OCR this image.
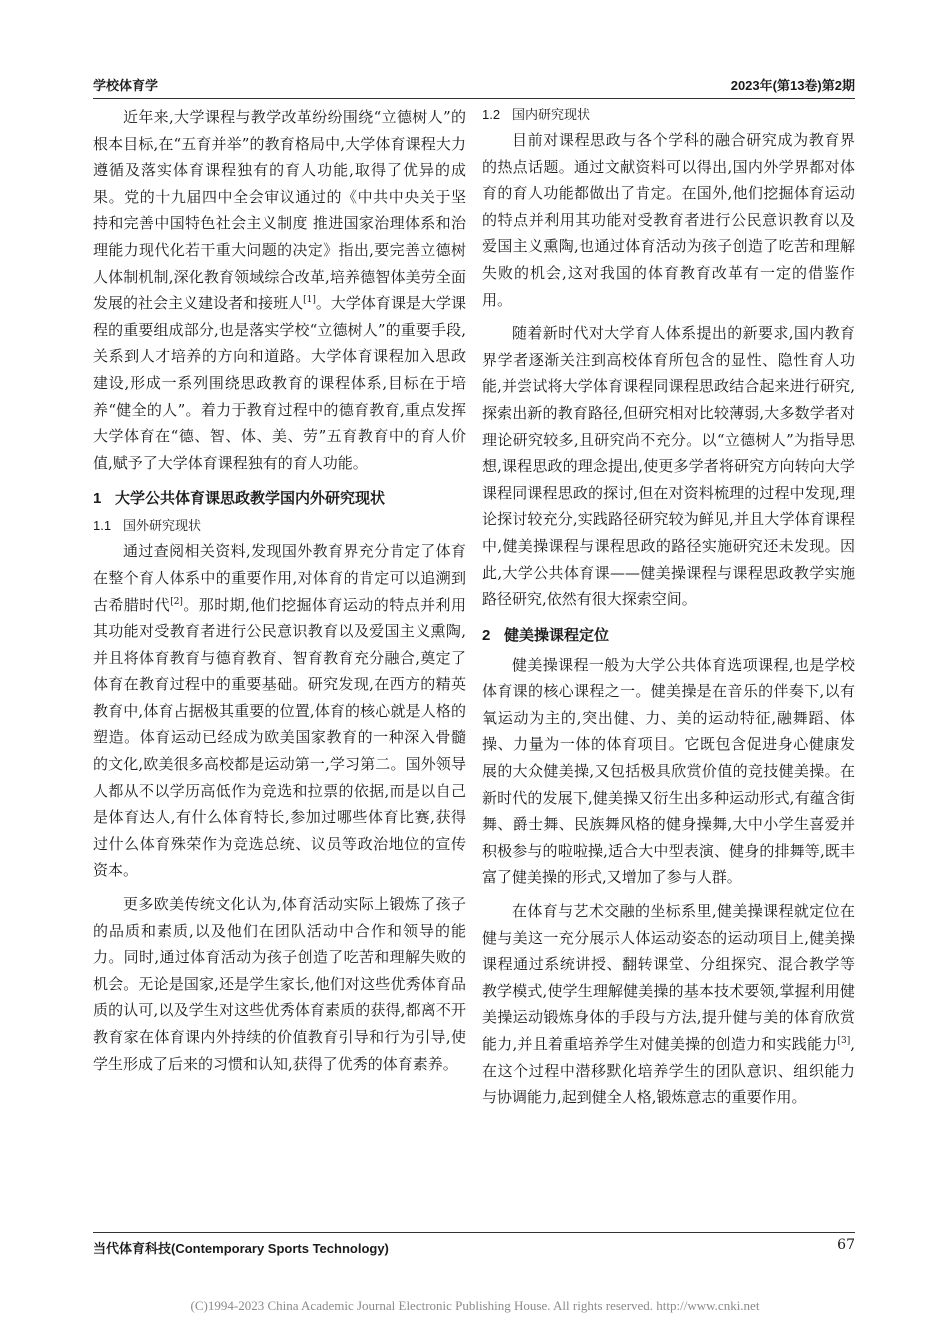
学校体育学	2023年(第13卷)第2期

近年来,大学课程与教学改革纷纷围绕“立德树人”的根本目标,在“五育并举”的教育格局中,大学体育课程大力遵循及落实体育课程独有的育人功能,取得了优异的成果。党的十九届四中全会审议通过的《中共中央关于坚持和完善中国特色社会主义制度 推进国家治理体系和治理能力现代化若干重大问题的决定》指出,要完善立德树人体制机制,深化教育领域综合改革,培养德智体美劳全面发展的社会主义建设者和接班人[1]。大学体育课是大学课程的重要组成部分,也是落实学校“立德树人”的重要手段,关系到人才培养的方向和道路。大学体育课程加入思政建设,形成一系列围绕思政教育的课程体系,目标在于培养“健全的人”。着力于教育过程中的德育教育,重点发挥大学体育在“德、智、体、美、劳”五育教育中的育人价值,赋予了大学体育课程独有的育人功能。

1 大学公共体育课思政教学国内外研究现状
1.1 国外研究现状

通过查阅相关资料,发现国外教育界充分肯定了体育在整个育人体系中的重要作用,对体育的肯定可以追溯到古希腊时代[2]。那时期,他们挖掘体育运动的特点并利用其功能对受教育者进行公民意识教育以及爱国主义熏陶,并且将体育教育与德育教育、智育教育充分融合,奠定了体育在教育过程中的重要基础。研究发现,在西方的精英教育中,体育占据极其重要的位置,体育的核心就是人格的塑造。体育运动已经成为欧美国家教育的一种深入骨髓的文化,欧美很多高校都是运动第一,学习第二。国外领导人都从不以学历高低作为竞选和拉票的依据,而是以自己是体育达人,有什么体育特长,参加过哪些体育比赛,获得过什么体育殊荣作为竞选总统、议员等政治地位的宣传资本。

更多欧美传统文化认为,体育活动实际上锻炼了孩子的品质和素质,以及他们在团队活动中合作和领导的能力。同时,通过体育活动为孩子创造了吃苦和理解失败的机会。无论是国家,还是学生家长,他们对这些优秀体育品质的认可,以及学生对这些优秀体育素质的获得,都离不开教育家在体育课内外持续的价值教育引导和行为引导,使学生形成了后来的习惯和认知,获得了优秀的体育素养。

1.2 国内研究现状

目前对课程思政与各个学科的融合研究成为教育界的热点话题。通过文献资料可以得出,国内外学界都对体育的育人功能都做出了肯定。在国外,他们挖掘体育运动的特点并利用其功能对受教育者进行公民意识教育以及爱国主义熏陶,也通过体育活动为孩子创造了吃苦和理解失败的机会,这对我国的体育教育改革有一定的借鉴作用。

随着新时代对大学育人体系提出的新要求,国内教育界学者逐渐关注到高校体育所包含的显性、隐性育人功能,并尝试将大学体育课程同课程思政结合起来进行研究,探索出新的教育路径,但研究相对比较薄弱,大多数学者对理论研究较多,且研究尚不充分。以“立德树人”为指导思想,课程思政的理念提出,使更多学者将研究方向转向大学课程同课程思政的探讨,但在对资料梳理的过程中发现,理论探讨较充分,实践路径研究较为鲜见,并且大学体育课程中,健美操课程与课程思政的路径实施研究还未发现。因此,大学公共体育课——健美操课程与课程思政教学实施路径研究,依然有很大探索空间。

2 健美操课程定位

健美操课程一般为大学公共体育选项课程,也是学校体育课的核心课程之一。健美操是在音乐的伴奏下,以有氧运动为主的,突出健、力、美的运动特征,融舞蹈、体操、力量为一体的体育项目。它既包含促进身心健康发展的大众健美操,又包括极具欣赏价值的竞技健美操。在新时代的发展下,健美操又衍生出多种运动形式,有蕴含街舞、爵士舞、民族舞风格的健身操舞,大中小学生喜爱并积极参与的啦啦操,适合大中型表演、健身的排舞等,既丰富了健美操的形式,又增加了参与人群。

在体育与艺术交融的坐标系里,健美操课程就定位在健与美这一充分展示人体运动姿态的运动项目上,健美操课程通过系统讲授、翻转课堂、分组探究、混合教学等教学模式,使学生理解健美操的基本技术要领,掌握利用健美操运动锻炼身体的手段与方法,提升健与美的体育欣赏能力,并且着重培养学生对健美操的创造力和实践能力[3],在这个过程中潜移默化培养学生的团队意识、组织能力与协调能力,起到健全人格,锻炼意志的重要作用。

当代体育科技(Contemporary Sports Technology)	67
(C)1994-2023 China Academic Journal Electronic Publishing House. All rights reserved. http://www.cnki.net
